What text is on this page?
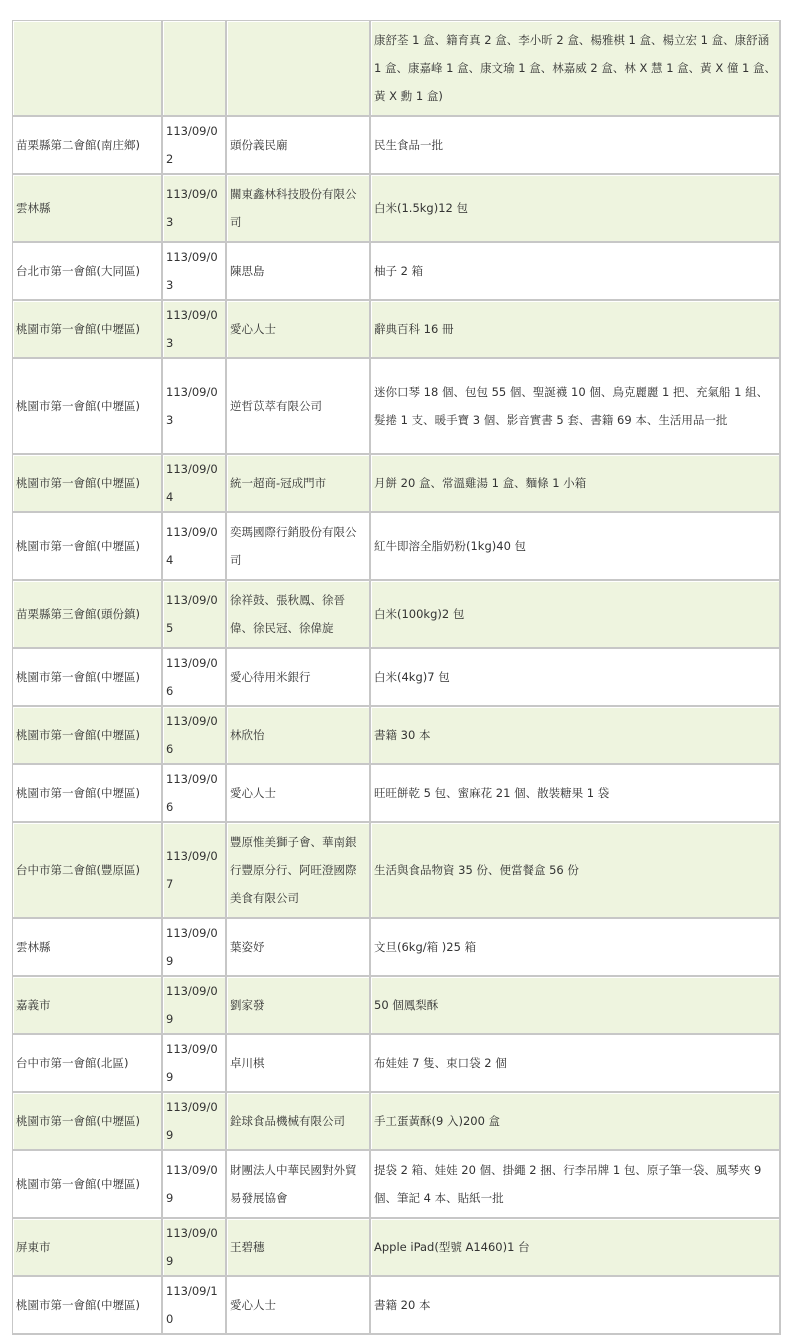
			康舒荃 1 盒、籍育真 2 盒、李小昕 2 盒、楊雅棋 1 盒、楊立宏 1 盒、康舒涵 1 盒、康嘉峰 1 盒、康文瑜 1 盒、林嘉威 2 盒、林 X 慧 1 盒、黃 X 僮 1 盒、黃 X 勳 1 盒)
苗栗縣第二會館(南庄鄉)	113/09/02	頭份義民廟	民生食品一批
雲林縣	113/09/03	關東鑫林科技股份有限公司	白米(1.5kg)12 包
台北市第一會館(大同區)	113/09/03	陳思島	柚子 2 箱
桃園市第一會館(中壢區)	113/09/03	愛心人士	辭典百科 16 冊
桃園市第一會館(中壢區)	113/09/03	逆哲苡萃有限公司	迷你口琴 18 個、包包 55 個、聖誕襪 10 個、鳥克麗麗 1 把、充氣船 1 組、髮捲 1 支、暖手寶 3 個、影音實書 5 套、書籍 69 本、生活用品一批
桃園市第一會館(中壢區)	113/09/04	統一超商-冠成門市	月餅 20 盒、常溫雞湯 1 盒、麵條 1 小箱
桃園市第一會館(中壢區)	113/09/04	奕瑪國際行銷股份有限公司	紅牛即溶全脂奶粉(1kg)40 包
苗栗縣第三會館(頭份鎮)	113/09/05	徐祥鼓、張秋鳳、徐晉偉、徐民冠、徐偉旋	白米(100kg)2 包
桃園市第一會館(中壢區)	113/09/06	愛心待用米銀行	白米(4kg)7 包
桃園市第一會館(中壢區)	113/09/06	林欣怡	書籍 30 本
桃園市第一會館(中壢區)	113/09/06	愛心人士	旺旺餅乾 5 包、蜜麻花 21 個、散裝糖果 1 袋
台中市第二會館(豐原區)	113/09/07	豐原惟美獅子會、華南銀行豐原分行、阿旺澄國際美食有限公司	生活與食品物資 35 份、便當餐盒 56 份
雲林縣	113/09/09	葉姿妤	文旦(6kg/箱 )25 箱
嘉義市	113/09/09	劉家發	50 個鳳梨酥
台中市第一會館(北區)	113/09/09	卓川棋	布娃娃 7 隻、束口袋 2 個
桃園市第一會館(中壢區)	113/09/09	銓球食品機械有限公司	手工蛋黃酥(9 入)200 盒
桃園市第一會館(中壢區)	113/09/09	財團法人中華民國對外貿易發展協會	提袋 2 箱、娃娃 20 個、掛繩 2 捆、行李吊牌 1 包、原子筆一袋、風琴夾 9 個、筆記 4 本、貼紙一批
屏東市	113/09/09	王碧穗	Apple iPad(型號 A1460)1 台
桃園市第一會館(中壢區)	113/09/10	愛心人士	書籍 20 本
